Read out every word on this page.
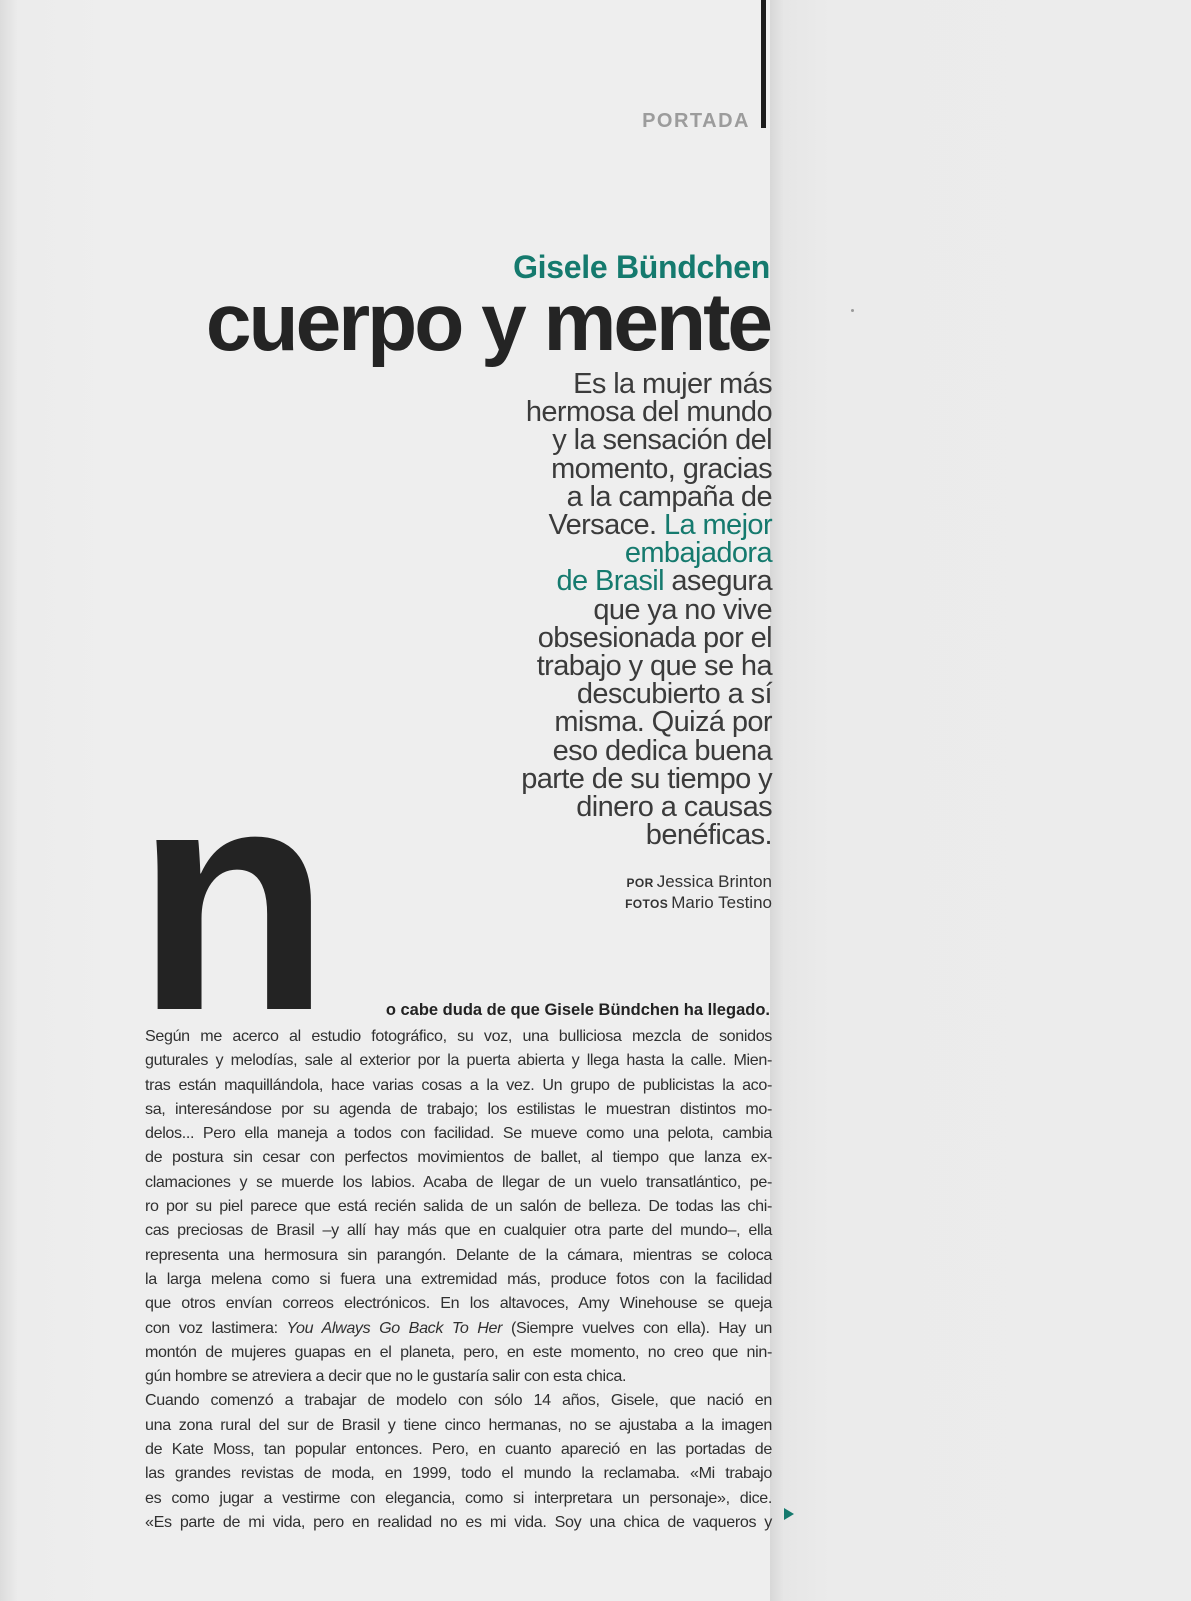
PORTADA
Gisele Bündchen
cuerpo y mente
Es la mujer más
hermosa del mundo
y la sensación del
momento, gracias
a la campaña de
Versace. La mejor
embajadora
de Brasil asegura
que ya no vive
obsesionada por el
trabajo y que se ha
descubierto a sí
misma. Quizá por
eso dedica buena
parte de su tiempo y
dinero a causas
benéficas.
POR Jessica Brinton
FOTOS Mario Testino
n	o cabe duda de que Gisele Bündchen ha llegado.
Según me acerco al estudio fotográfico, su voz, una bulliciosa mezcla de sonidos
guturales y melodías, sale al exterior por la puerta abierta y llega hasta la calle. Mien-
tras están maquillándola, hace varias cosas a la vez. Un grupo de publicistas la aco-
sa, interesándose por su agenda de trabajo; los estilistas le muestran distintos mo-
delos... Pero ella maneja a todos con facilidad. Se mueve como una pelota, cambia
de postura sin cesar con perfectos movimientos de ballet, al tiempo que lanza ex-
clamaciones y se muerde los labios. Acaba de llegar de un vuelo transatlántico, pe-
ro por su piel parece que está recién salida de un salón de belleza. De todas las chi-
cas preciosas de Brasil –y allí hay más que en cualquier otra parte del mundo–, ella
representa una hermosura sin parangón. Delante de la cámara, mientras se coloca
la larga melena como si fuera una extremidad más, produce fotos con la facilidad
que otros envían correos electrónicos. En los altavoces, Amy Winehouse se queja
con voz lastimera: You Always Go Back To Her (Siempre vuelves con ella). Hay un
montón de mujeres guapas en el planeta, pero, en este momento, no creo que nin-
gún hombre se atreviera a decir que no le gustaría salir con esta chica.
Cuando comenzó a trabajar de modelo con sólo 14 años, Gisele, que nació en
una zona rural del sur de Brasil y tiene cinco hermanas, no se ajustaba a la imagen
de Kate Moss, tan popular entonces. Pero, en cuanto apareció en las portadas de
las grandes revistas de moda, en 1999, todo el mundo la reclamaba. «Mi trabajo
es como jugar a vestirme con elegancia, como si interpretara un personaje», dice.
«Es parte de mi vida, pero en realidad no es mi vida. Soy una chica de vaqueros y
